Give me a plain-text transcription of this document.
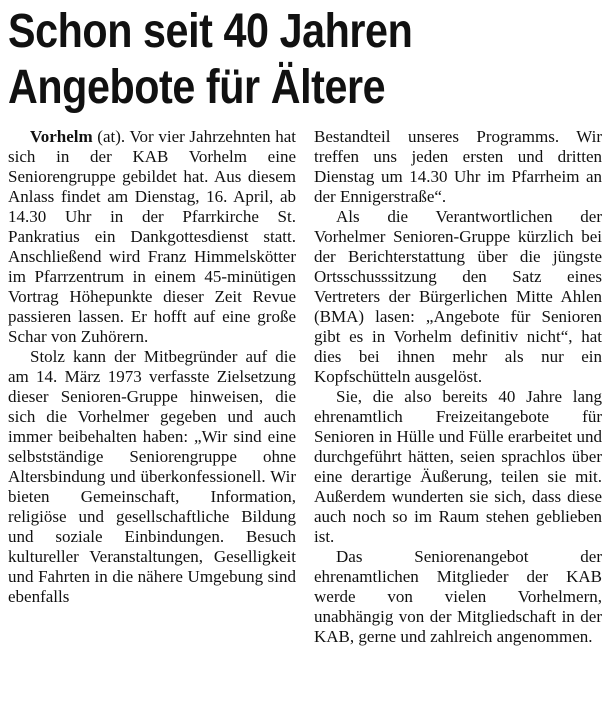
Schon seit 40 Jahren
Angebote für Ältere

Vorhelm (at). Vor vier Jahrzehnten hat sich in der KAB Vorhelm eine Seniorengruppe gebildet hat. Aus diesem Anlass findet am Dienstag, 16. April, ab 14.30 Uhr in der Pfarrkirche St. Pankratius ein Dankgottesdienst statt. Anschließend wird Franz Himmelskötter im Pfarrzentrum in einem 45-minütigen Vortrag Höhepunkte dieser Zeit Revue passieren lassen. Er hofft auf eine große Schar von Zuhörern.

Stolz kann der Mitbegründer auf die am 14. März 1973 verfasste Zielsetzung dieser Senioren-Gruppe hinweisen, die sich die Vorhelmer gegeben und auch immer beibehalten haben: „Wir sind eine selbstständige Seniorengruppe ohne Altersbindung und überkonfessionell. Wir bieten Gemeinschaft, Information, religiöse und gesellschaftliche Bildung und soziale Einbindungen. Besuch kultureller Veranstaltungen, Geselligkeit und Fahrten in die nähere Umgebung sind ebenfalls

Bestandteil unseres Programms. Wir treffen uns jeden ersten und dritten Dienstag um 14.30 Uhr im Pfarrheim an der Ennigerstraße“.

Als die Verantwortlichen der Vorhelmer Senioren-Gruppe kürzlich bei der Berichterstattung über die jüngste Ortsschusssitzung den Satz eines Vertreters der Bürgerlichen Mitte Ahlen (BMA) lasen: „Angebote für Senioren gibt es in Vorhelm definitiv nicht“, hat dies bei ihnen mehr als nur ein Kopfschütteln ausgelöst.

Sie, die also bereits 40 Jahre lang ehrenamtlich Freizeitangebote für Senioren in Hülle und Fülle erarbeitet und durchgeführt hätten, seien sprachlos über eine derartige Äußerung, teilen sie mit. Außerdem wunderten sie sich, dass diese auch noch so im Raum stehen geblieben ist.

Das Seniorenangebot der ehrenamtlichen Mitglieder der KAB werde von vielen Vorhelmern, unabhängig von der Mitgliedschaft in der KAB, gerne und zahlreich angenommen.
